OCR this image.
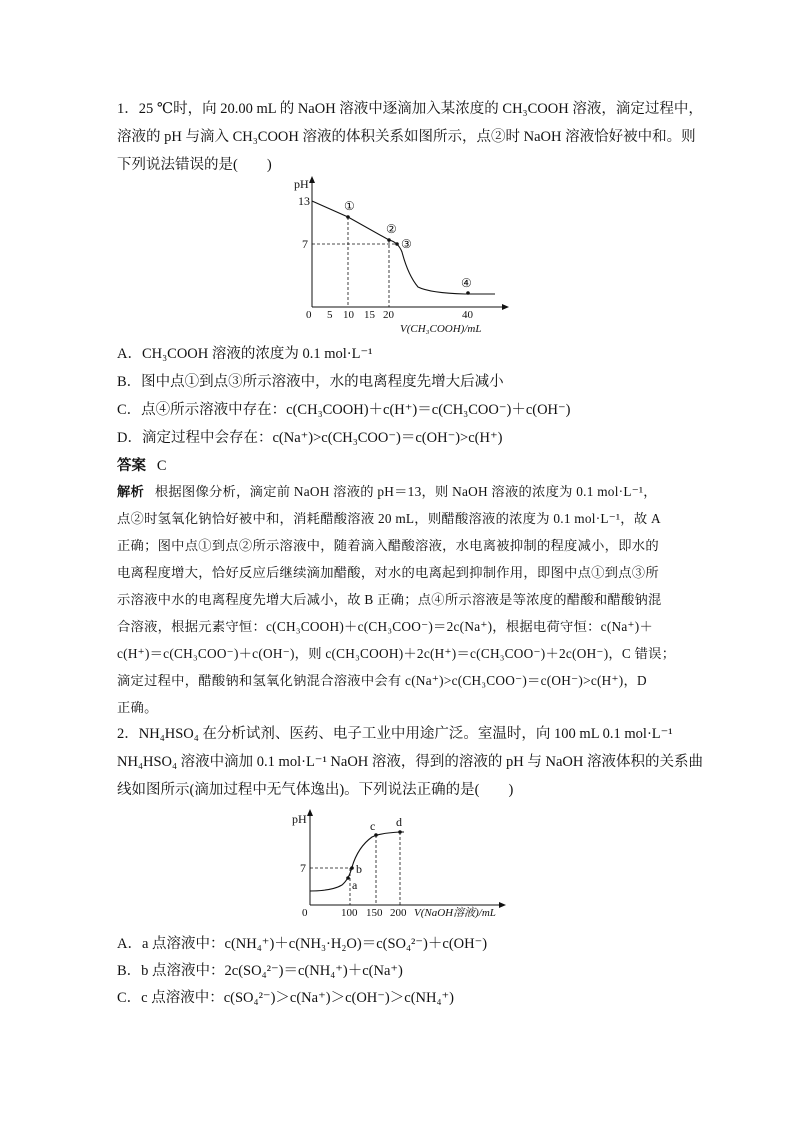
1．25 ℃时，向 20.00 mL 的 NaOH 溶液中逐滴加入某浓度的 CH₃COOH 溶液，滴定过程中，
溶液的 pH 与滴入 CH₃COOH 溶液的体积关系如图所示，点②时 NaOH 溶液恰好被中和。则
下列说法错误的是(　　)
pH
13
7
0 5 10 15 20	40
V(CH₃COOH)/mL
①
②
③
④
A．CH₃COOH 溶液的浓度为 0.1 mol·L⁻¹
B．图中点①到点③所示溶液中，水的电离程度先增大后减小
C．点④所示溶液中存在：c(CH₃COOH)＋c(H⁺)＝c(CH₃COO⁻)＋c(OH⁻)
D．滴定过程中会存在：c(Na⁺)>c(CH₃COO⁻)＝c(OH⁻)>c(H⁺)
答案 C
解析 根据图像分析，滴定前 NaOH 溶液的 pH＝13，则 NaOH 溶液的浓度为 0.1 mol·L⁻¹，
点②时氢氧化钠恰好被中和，消耗醋酸溶液 20 mL，则醋酸溶液的浓度为 0.1 mol·L⁻¹，故 A
正确；图中点①到点②所示溶液中，随着滴入醋酸溶液，水电离被抑制的程度减小，即水的
电离程度增大，恰好反应后继续滴加醋酸，对水的电离起到抑制作用，即图中点①到点③所
示溶液中水的电离程度先增大后减小，故 B 正确；点④所示溶液是等浓度的醋酸和醋酸钠混
合溶液，根据元素守恒：c(CH₃COOH)＋c(CH₃COO⁻)＝2c(Na⁺)，根据电荷守恒：c(Na⁺)＋
c(H⁺)＝c(CH₃COO⁻)＋c(OH⁻)，则 c(CH₃COOH)＋2c(H⁺)＝c(CH₃COO⁻)＋2c(OH⁻)，C 错误；
滴定过程中，醋酸钠和氢氧化钠混合溶液中会有 c(Na⁺)>c(CH₃COO⁻)＝c(OH⁻)>c(H⁺)，D
正确。
2．NH₄HSO₄ 在分析试剂、医药、电子工业中用途广泛。室温时，向 100 mL 0.1 mol·L⁻¹
NH₄HSO₄ 溶液中滴加 0.1 mol·L⁻¹ NaOH 溶液，得到的溶液的 pH 与 NaOH 溶液体积的关系曲
线如图所示(滴加过程中无气体逸出)。下列说法正确的是(　　)
pH
7
0	100 150 200 V(NaOH溶液)/mL
a
b
c d
A．a 点溶液中：c(NH₄⁺)＋c(NH₃·H₂O)＝c(SO₄²⁻)＋c(OH⁻)
B．b 点溶液中：2c(SO₄²⁻)＝c(NH₄⁺)＋c(Na⁺)
C．c 点溶液中：c(SO₄²⁻)＞c(Na⁺)＞c(OH⁻)＞c(NH₄⁺)
